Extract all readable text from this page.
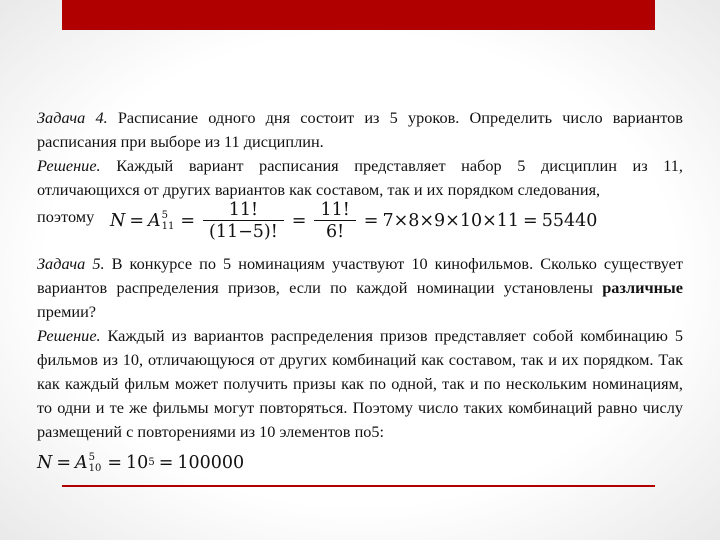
Задача 4. Расписание одного дня состоит из 5 уроков. Определить число вариантов расписания при выборе из 11 дисциплин.

Решение. Каждый вариант расписания представляет набор 5 дисциплин из 11, отличающихся от других вариантов как составом, так и их порядком следования,

поэтому N = A 5
$11 = \frac{11!}{(11-5)!} = \frac{11!}{6!} = 7\times 8\times 9\times 10\times 11 = 55440$

Задача 5. В конкурсе по 5 номинациям участвуют 10 кинофильмов. Сколько существует вариантов распределения призов, если по каждой номинации установлены различные премии?

Решение. Каждый из вариантов распределения призов представляет собой комбинацию 5 фильмов из 10, отличающуюся от других комбинаций как составом, так и их порядком. Так как каждый фильм может получить призы как по одной, так и по нескольким номинациям, то одни и те же фильмы могут повторяться. Поэтому число таких комбинаций равно числу размещений с повторениями из 10 элементов по5:

N = A 5
10 = 10 5 = 100000
